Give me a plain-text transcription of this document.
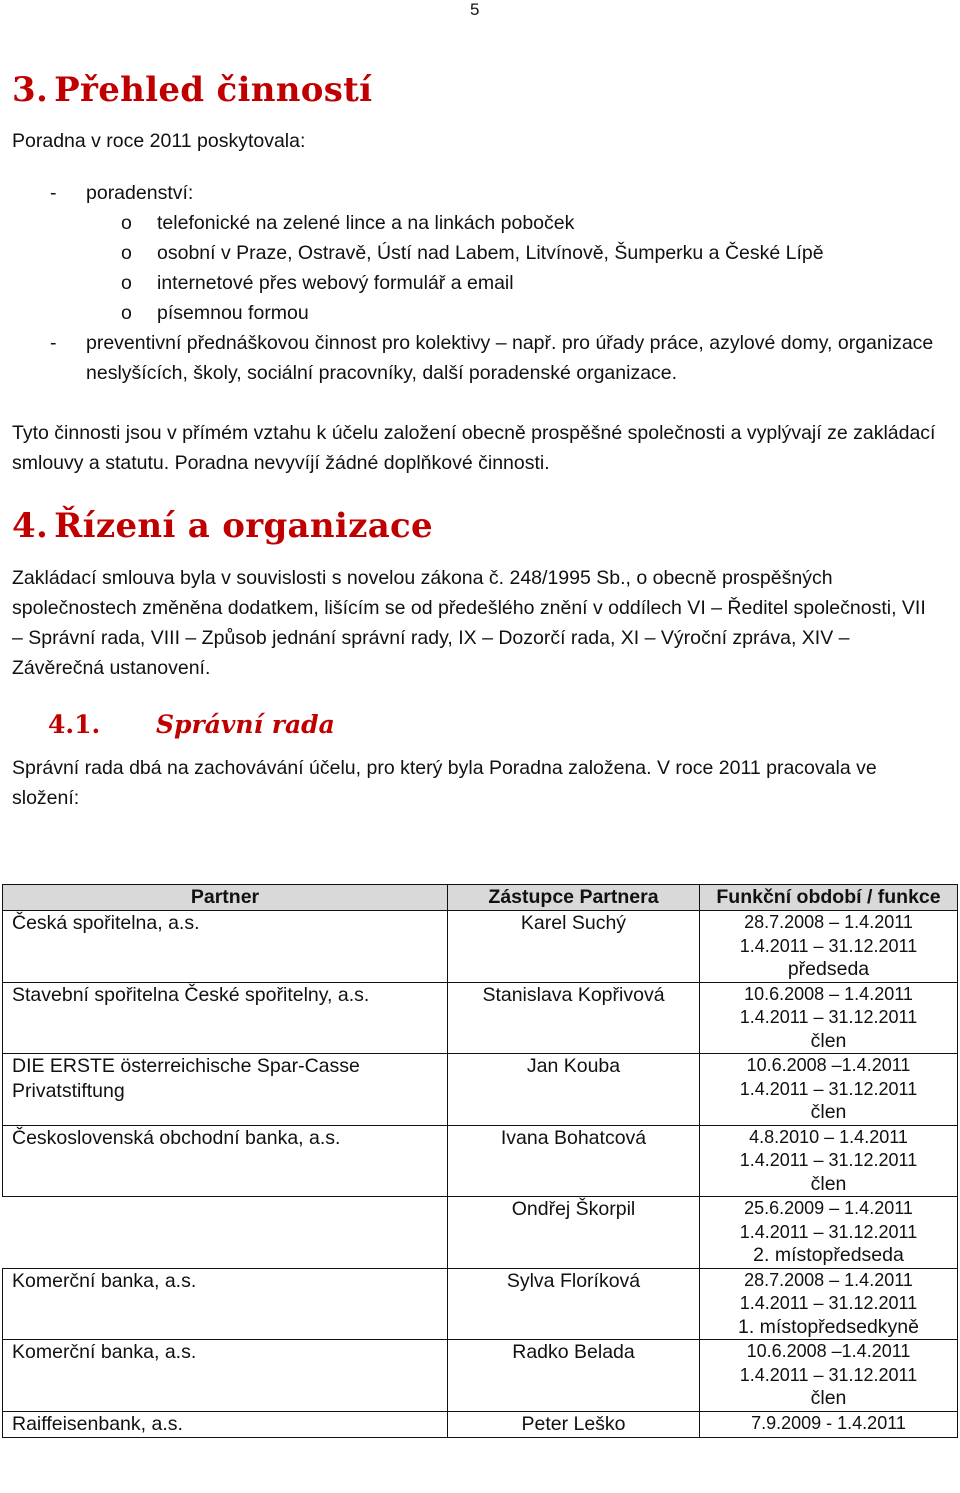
5
3. Přehled činností

Poradna v roce 2011 poskytovala:

- poradenství:
o telefonické na zelené lince a na linkách poboček
o osobní v Praze, Ostravě, Ústí nad Labem, Litvínově, Šumperku a České Lípě
o internetové přes webový formulář a email
o písemnou formou
- preventivní přednáškovou činnost pro kolektivy – např. pro úřady práce, azylové domy, organizace neslyšících, školy, sociální pracovníky, další poradenské organizace.

Tyto činnosti jsou v přímém vztahu k účelu založení obecně prospěšné společnosti a vyplývají ze zakládací smlouvy a statutu. Poradna nevyvíjí žádné doplňkové činnosti.

4. Řízení a organizace

Zakládací smlouva byla v souvislosti s novelou zákona č. 248/1995 Sb., o obecně prospěšných společnostech změněna dodatkem, lišícím se od předešlého znění v oddílech VI – Ředitel společnosti, VII – Správní rada, VIII – Způsob jednání správní rady, IX – Dozorčí rada, XI – Výroční zpráva, XIV – Závěrečná ustanovení.

4.1. Správní rada

Správní rada dbá na zachovávání účelu, pro který byla Poradna založena. V roce 2011 pracovala ve složení:

Partner	Zástupce Partnera	Funkční období / funkce
Česká spořitelna, a.s.	Karel Suchý	28.7.2008 – 1.4.2011
1.4.2011 – 31.12.2011
předseda

Stavební spořitelna České spořitelny, a.s.	Stanislava Kopřivová	10.6.2008 – 1.4.2011
1.4.2011 – 31.12.2011
člen

DIE ERSTE österreichische Spar-Casse Privatstiftung	Jan Kouba	10.6.2008 –1.4.2011
1.4.2011 – 31.12.2011
člen

Československá obchodní banka, a.s.	Ivana Bohatcová	4.8.2010 – 1.4.2011
1.4.2011 – 31.12.2011
člen

	Ondřej Škorpil	25.6.2009 – 1.4.2011
1.4.2011 – 31.12.2011
2. místopředseda

Komerční banka, a.s.	Sylva Floríková	28.7.2008 – 1.4.2011
1.4.2011 – 31.12.2011
1. místopředsedkyně

Komerční banka, a.s.	Radko Belada	10.6.2008 –1.4.2011
1.4.2011 – 31.12.2011
člen

Raiffeisenbank, a.s.	Peter Leško	7.9.2009 - 1.4.2011
